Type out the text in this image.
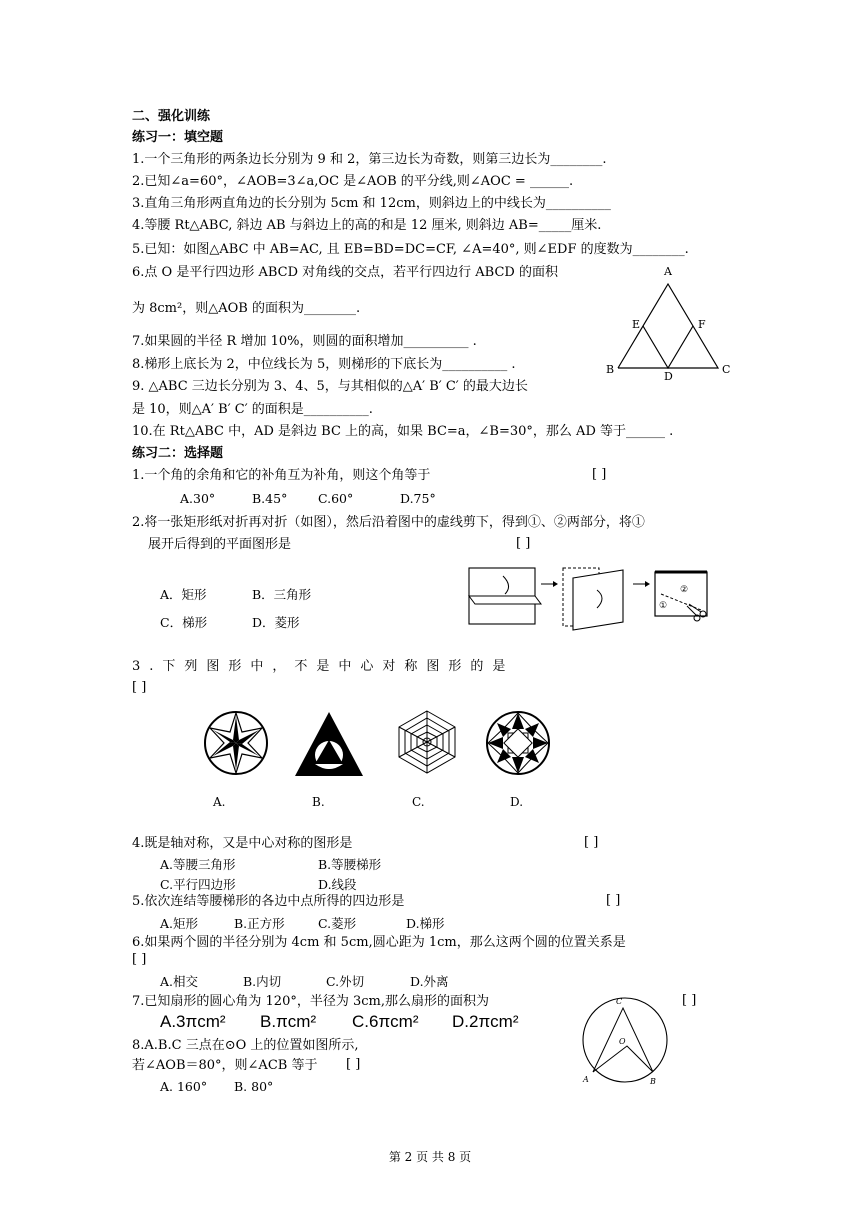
二、强化训练
练习一：填空题
1.一个三角形的两条边长分别为 9 和 2，第三边长为奇数，则第三边长为________.
2.已知∠a=60°，∠AOB=3∠a,OC 是∠AOB 的平分线,则∠AOC = ______.
3.直角三角形两直角边的长分别为 5cm 和 12cm，则斜边上的中线长为__________
4.等腰 Rt△ABC, 斜边 AB 与斜边上的高的和是 12 厘米, 则斜边 AB=_____厘米.
5.已知：如图△ABC 中 AB=AC, 且 EB=BD=DC=CF, ∠A=40°, 则∠EDF 的度数为________.
6.点 O 是平行四边形 ABCD 对角线的交点，若平行四边行 ABCD 的面积
为 8cm²，则△AOB 的面积为________.
7.如果圆的半径 R 增加 10%，则圆的面积增加__________ .
8.梯形上底长为 2，中位线长为 5，则梯形的下底长为__________ .
9. △ABC 三边长分别为 3、4、5，与其相似的△A′ B′ C′ 的最大边长
是 10，则△A′ B′ C′ 的面积是__________.
10.在 Rt△ABC 中，AD 是斜边 BC 上的高，如果 BC=a，∠B=30°，那么 AD 等于______ .
A
E	F
B
D
C
练习二：选择题
1.一个角的余角和它的补角互为补角，则这个角等于	[ ]
A.30°	B.45° C.60°	D.75°
2.将一张矩形纸对折再对折（如图），然后沿着图中的虚线剪下，得到①、②两部分，将①
展开后得到的平面图形是	[ ]
A．矩形	B．三角形
C．梯形	D．菱形
②
①
3.下列图形中，不是中心对称图形的是
[ ]
A.	B.	C.	D.
4.既是轴对称，又是中心对称的图形是	[ ]
A.等腰三角形	B.等腰梯形
C.平行四边形	D.线段
5.依次连结等腰梯形的各边中点所得的四边形是	[ ]
A.矩形	B.正方形	C.菱形	D.梯形
6.如果两个圆的半径分别为 4cm 和 5cm,圆心距为 1cm，那么这两个圆的位置关系是
[ ]
A.相交	B.内切	C.外切	D.外离
7.已知扇形的圆心角为 120°，半径为 3cm,那么扇形的面积为	[ ]
A.3πcm² B.πcm² C.6πcm² D.2πcm²
8.A.B.C 三点在⊙O 上的位置如图所示,
若∠AOB＝80°，则∠ACB 等于 [ ]
A. 160° B. 80°
C
O
A	B
第 2 页 共 8 页
